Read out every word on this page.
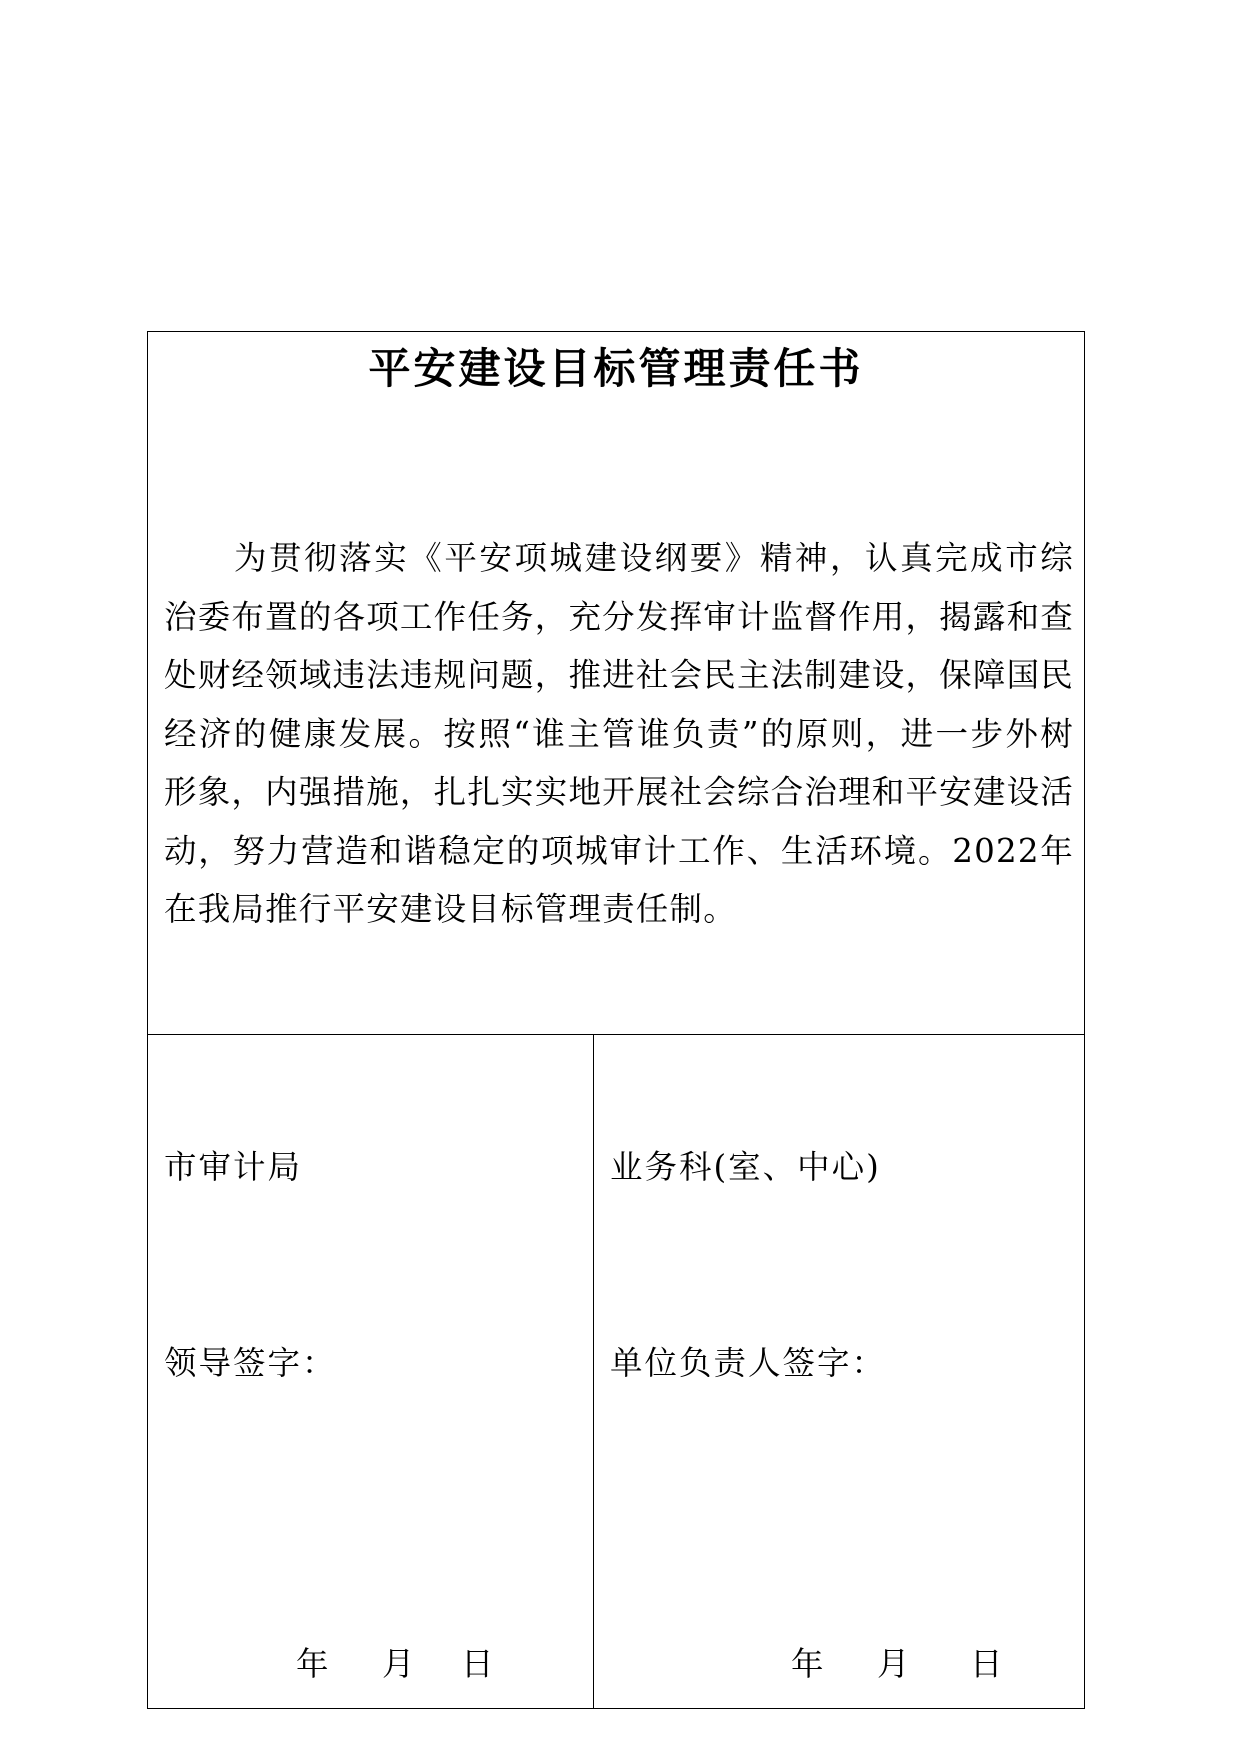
平安建设目标管理责任书

为贯彻落实《平安项城建设纲要》精神，认真完成市综治委布置的各项工作任务，充分发挥审计监督作用，揭露和查处财经领域违法违规问题，推进社会民主法制建设，保障国民经济的健康发展。按照“谁主管谁负责”的原则，进一步外树形象，内强措施，扎扎实实地开展社会综合治理和平安建设活动，努力营造和谐稳定的项城审计工作、生活环境。2022年在我局推行平安建设目标管理责任制。

市审计局
领导签字：
年 月 日
业务科(室、中心)
单位负责人签字：
年 月 日
